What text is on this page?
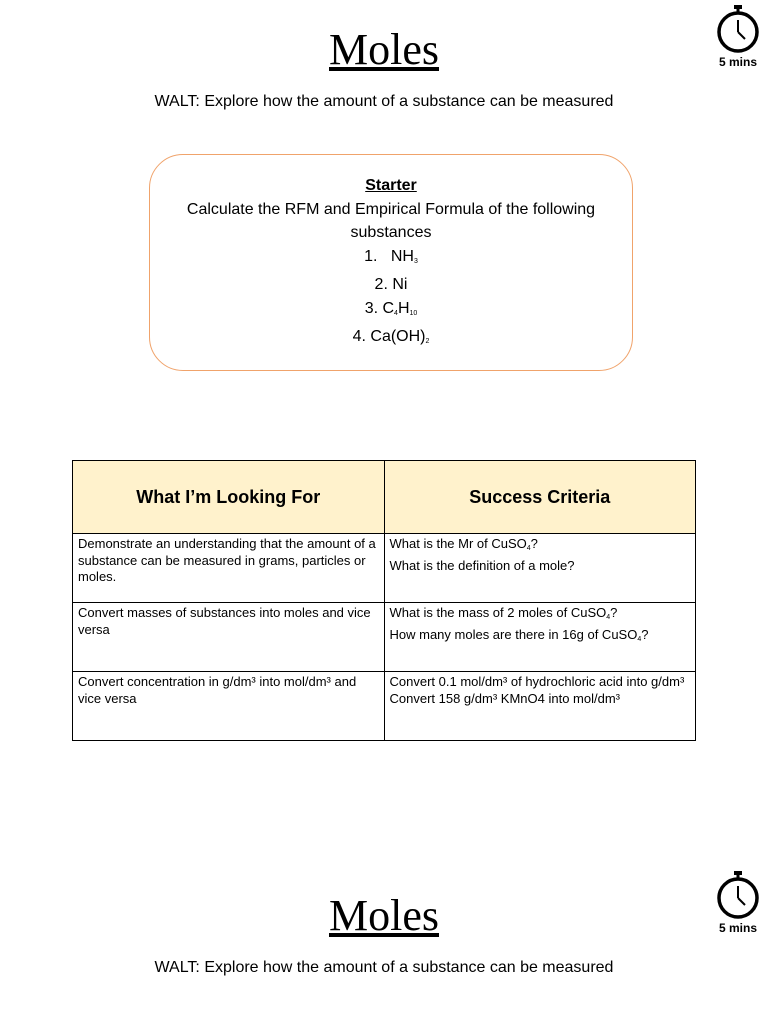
Moles
WALT: Explore how the amount of a substance can be measured
5 mins
Starter
Calculate the RFM and Empirical Formula of the following substances
1. $NH_3$
2. Ni
3. $C_4H_{10}$
4. $Ca(OH)_2$
What I’m Looking For	Success Criteria
Demonstrate an understanding that the amount of a substance can be measured in grams, particles or moles.	What is the Mr of CuSO$_4$?
What is the definition of a mole?

Convert masses of substances into moles and vice versa	What is the mass of 2 moles of CuSO$_4$?
How many moles are there in 16g of CuSO$_4$?

Convert concentration in g/dm³ into mol/dm³ and vice versa	Convert 0.1 mol/dm³ of hydrochloric acid into g/dm³
Convert 158 g/dm³ KMnO4 into mol/dm³
5 mins
Moles
WALT: Explore how the amount of a substance can be measured
